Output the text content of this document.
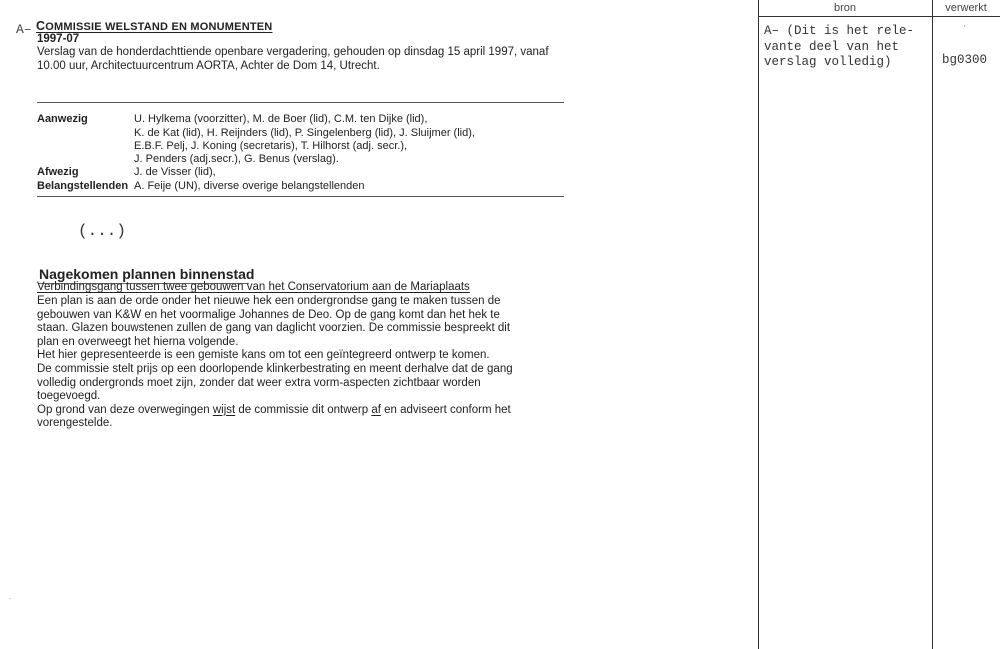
A– COMMISSIE WELSTAND EN MONUMENTEN
1997-07
Verslag van de honderdachttiende openbare vergadering, gehouden op dinsdag 15 april 1997, vanaf
10.00 uur, Architectuurcentrum AORTA, Achter de Dom 14, Utrecht.
Aanwezig	U. Hylkema (voorzitter), M. de Boer (lid), C.M. ten Dijke (lid),
K. de Kat (lid), H. Reijnders (lid), P. Singelenberg (lid), J. Sluijmer (lid),
E.B.F. Pelj, J. Koning (secretaris), T. Hilhorst (adj. secr.),
J. Penders (adj.secr.), G. Benus (verslag).
Afwezig	J. de Visser (lid),
Belangstellenden A. Feije (UN), diverse overige belangstellenden
(...)
Nagekomen plannen binnenstad
Verbindingsgang tussen twee gebouwen van het Conservatorium aan de Mariaplaats

Een plan is aan de orde onder het nieuwe hek een ondergrondse gang te maken tussen de

gebouwen van K&W en het voormalige Johannes de Deo. Op de gang komt dan het hek te

staan. Glazen bouwstenen zullen de gang van daglicht voorzien. De commissie bespreekt dit

plan en overweegt het hierna volgende.

Het hier gepresenteerde is een gemiste kans om tot een geïntegreerd ontwerp te komen.

De commissie stelt prijs op een doorlopende klinkerbestrating en meent derhalve dat de gang

volledig ondergronds moet zijn, zonder dat weer extra vorm-aspecten zichtbaar worden

toegevoegd.

Op grond van deze overwegingen wijst de commissie dit ontwerp af en adviseert conform het

vorengestelde.

bron	verwerkt
A– (Dit is het rele-
vante deel van het
verslag volledig)
'
bg0300
.
